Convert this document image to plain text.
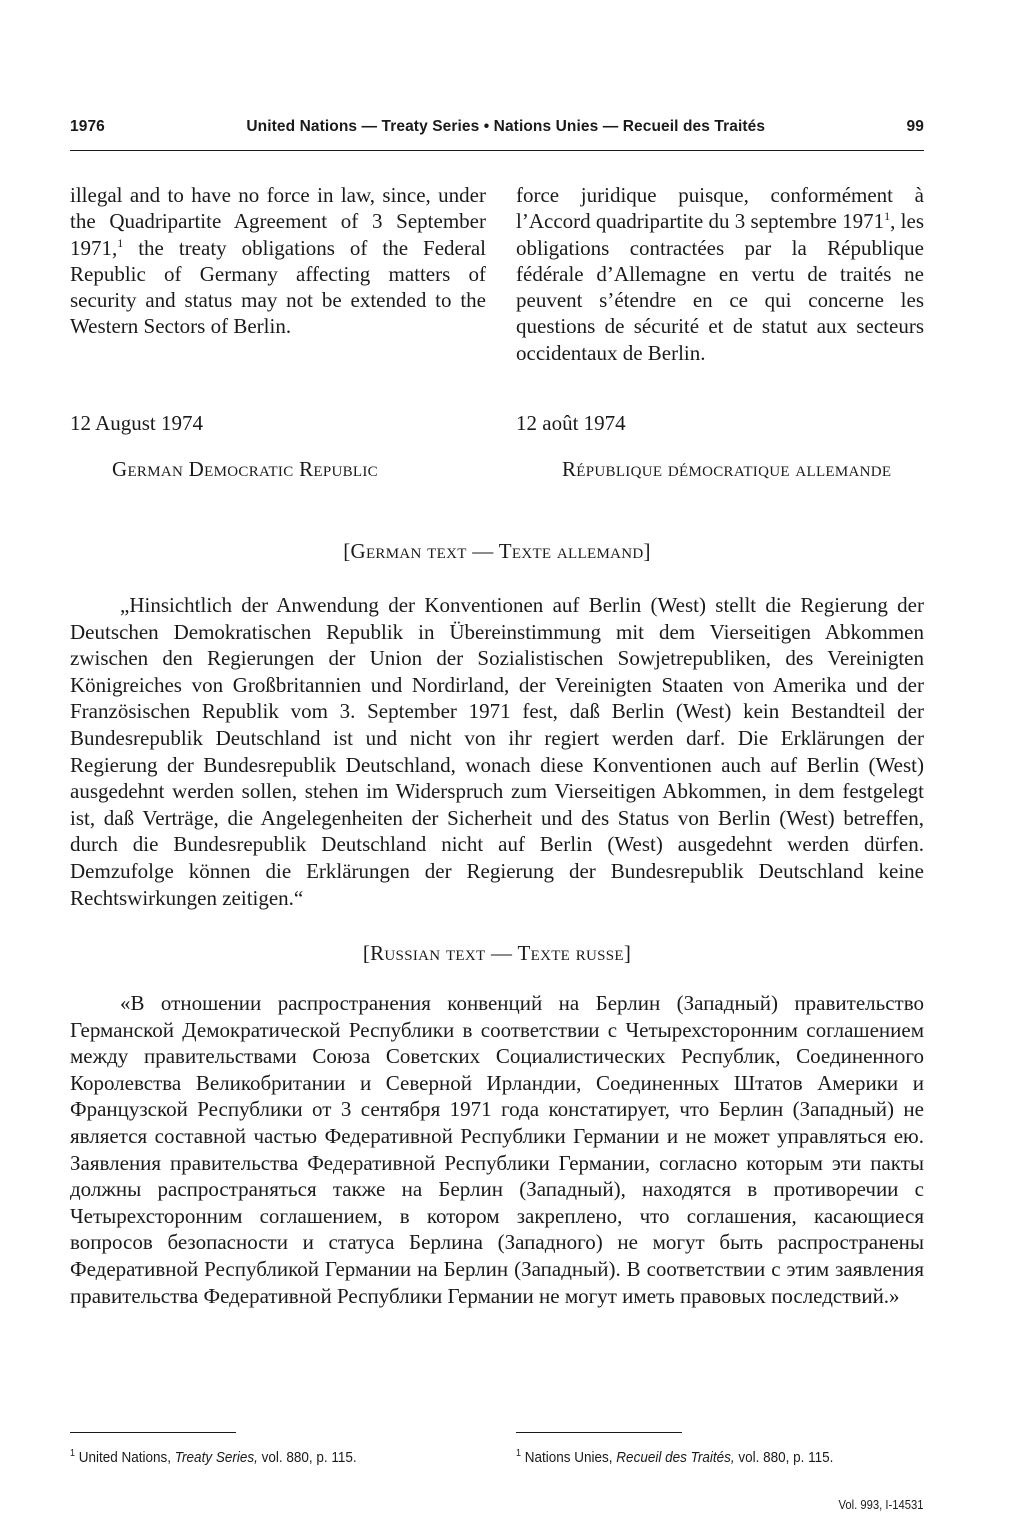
1976	United Nations — Treaty Series • Nations Unies — Recueil des Traités	99
illegal and to have no force in law, since, under the Quadripartite Agreement of 3 September 1971,$^1$ the treaty obligations of the Federal Republic of Germany affecting matters of security and status may not be extended to the Western Sectors of Berlin.
force juridique puisque, conformément à l’Accord quadripartite du 3 septembre 1971$^1$, les obligations contractées par la République fédérale d’Allemagne en vertu de traités ne peuvent s’étendre en ce qui concerne les questions de sécurité et de statut aux secteurs occidentaux de Berlin.
12 August 1974	12 août 1974
German Democratic Republic	République démocratique allemande
[German text — Texte allemand]
„Hinsichtlich der Anwendung der Konventionen auf Berlin (West) stellt die Regierung der Deutschen Demokratischen Republik in Übereinstimmung mit dem Vierseitigen Abkommen zwischen den Regierungen der Union der Sozialistischen Sowjetrepubliken, des Vereinigten Königreiches von Großbritannien und Nordirland, der Vereinigten Staaten von Amerika und der Französischen Republik vom 3. September 1971 fest, daß Berlin (West) kein Bestandteil der Bundesrepublik Deutschland ist und nicht von ihr regiert werden darf. Die Erklärungen der Regierung der Bundesrepublik Deutschland, wonach diese Konventionen auch auf Berlin (West) ausgedehnt werden sollen, stehen im Widerspruch zum Vierseitigen Abkommen, in dem festgelegt ist, daß Verträge, die Angelegenheiten der Sicherheit und des Status von Berlin (West) betreffen, durch die Bundesrepublik Deutschland nicht auf Berlin (West) ausgedehnt werden dürfen. Demzufolge können die Erklärungen der Regierung der Bundesrepublik Deutschland keine Rechtswirkungen zeitigen.“
[Russian text — Texte russe]
«В отношении распространения конвенций на Берлин (Западный) правительство Германской Демократической Республики в соответствии с Четырехсторонним соглашением между правительствами Союза Советских Социалистических Республик, Соединенного Королевства Великобритании и Северной Ирландии, Соединенных Штатов Америки и Французской Республики от 3 сентября 1971 года констатирует, что Берлин (Западный) не является составной частью Федеративной Республики Германии и не может управляться ею. Заявления правительства Федеративной Республики Германии, согласно которым эти пакты должны распространяться также на Берлин (Западный), находятся в противоречии с Четырехсторонним соглашением, в котором закреплено, что соглашения, касающиеся вопросов безопасности и статуса Берлина (Западного) не могут быть распространены Федеративной Республикой Германии на Берлин (Западный). В соответствии с этим заявления правительства Федеративной Республики Германии не могут иметь правовых последствий.»
$^1$ United Nations, Treaty Series, vol. 880, p. 115.	$^1$ Nations Unies, Recueil des Traités, vol. 880, p. 115.
Vol. 993, I-14531
